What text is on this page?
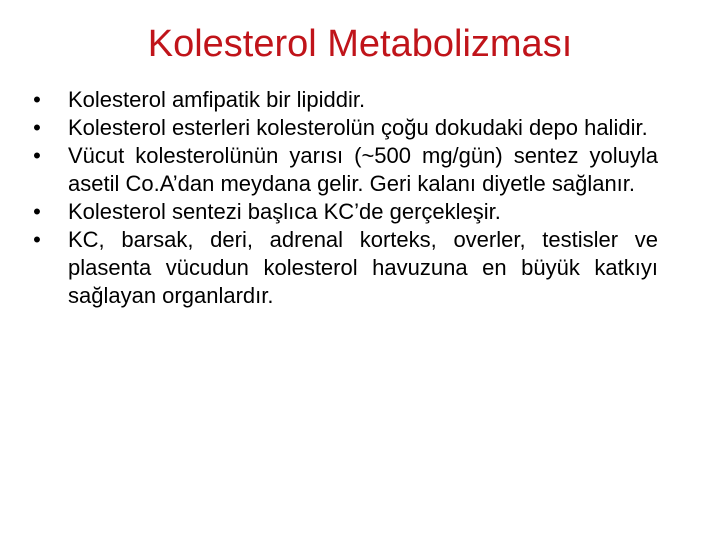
Kolesterol Metabolizması
• Kolesterol amfipatik bir lipiddir.
• Kolesterol esterleri kolesterolün çoğu dokudaki depo halidir.
• Vücut kolesterolünün yarısı (~500 mg/gün) sentez yoluyla asetil Co.A’dan meydana gelir. Geri kalanı diyetle sağlanır.
• Kolesterol sentezi başlıca KC’de gerçekleşir.
• KC, barsak, deri, adrenal korteks, overler, testisler ve plasenta vücudun kolesterol havuzuna en büyük katkıyı sağlayan organlardır.
